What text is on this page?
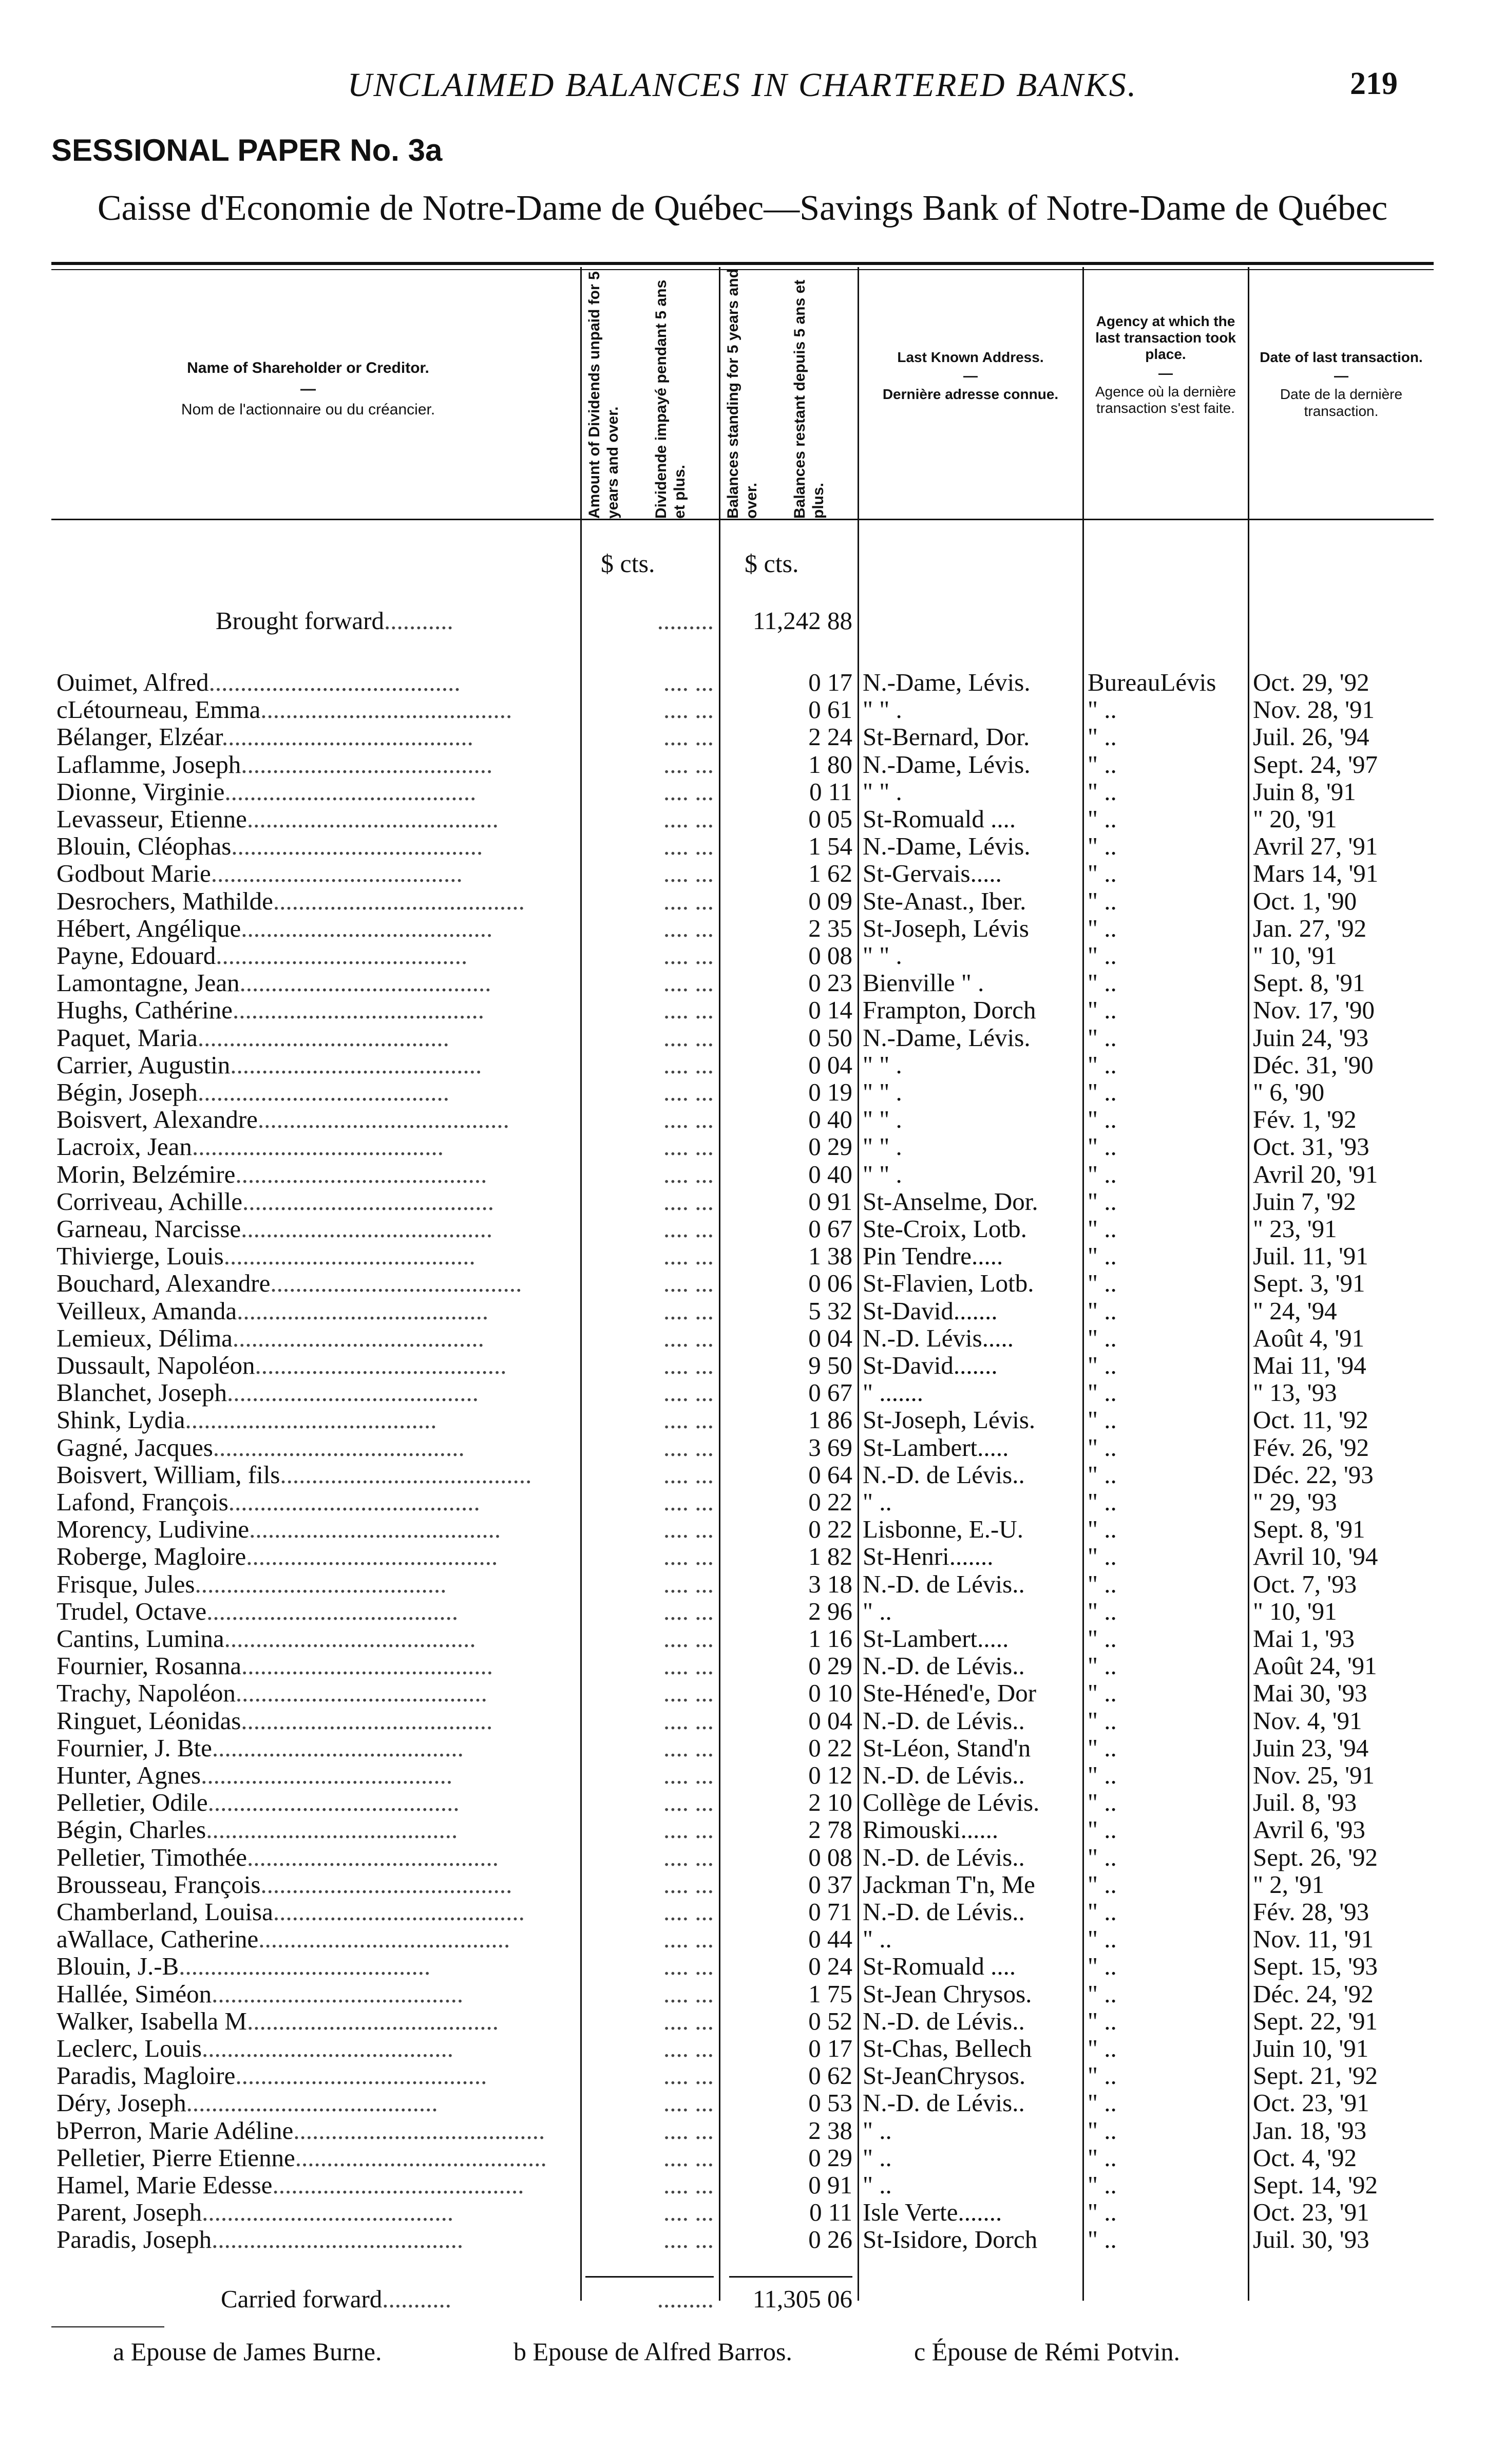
UNCLAIMED BALANCES IN CHARTERED BANKS.	219
SESSIONAL PAPER No. 3a
Caisse d'Economie de Notre-Dame de Québec—Savings Bank of Notre-Dame de Québec
Name of Shareholder or Creditor.
—
Nom de l'actionnaire ou du créancier.	Amount of Dividends unpaid for 5 years and over.	Dividende impayé pendant 5 ans et plus.	Balances standing for 5 years and over.	Balances restant depuis 5 ans et plus.
Last Known Address.
—
Dernière adresse connue.
Agency at which the last transaction took place.
—
Agence où la dernière transaction s'est faite.
Date of last transaction.
—
Date de la dernière transaction.
$ cts.	$ cts.
Brought forward...........	.........	11,242 88
Ouimet, Alfred........................................	.... ...	0 17 N.-Dame, Lévis.	BureauLévis	Oct. 29, '92
cLétourneau, Emma........................................	.... ...	0 61 " " .	" ..	Nov. 28, '91
Bélanger, Elzéar........................................	.... ...	2 24 St-Bernard, Dor.	" ..	Juil. 26, '94
Laflamme, Joseph........................................	.... ...	1 80 N.-Dame, Lévis.	" ..	Sept. 24, '97
Dionne, Virginie........................................	.... ...	0 11 " " .	" ..	Juin 8, '91
Levasseur, Etienne........................................	.... ...	0 05 St-Romuald ....	" ..	" 20, '91
Blouin, Cléophas........................................	.... ...	1 54 N.-Dame, Lévis.	" ..	Avril 27, '91
Godbout Marie........................................	.... ...	1 62 St-Gervais.....	" ..	Mars 14, '91
Desrochers, Mathilde........................................	.... ...	0 09 Ste-Anast., Iber.	" ..	Oct. 1, '90
Hébert, Angélique........................................	.... ...	2 35 St-Joseph, Lévis	" ..	Jan. 27, '92
Payne, Edouard........................................	.... ...	0 08 " " .	" ..	" 10, '91
Lamontagne, Jean........................................	.... ...	0 23 Bienville " .	" ..	Sept. 8, '91
Hughs, Cathérine........................................	.... ...	0 14 Frampton, Dorch	" ..	Nov. 17, '90
Paquet, Maria........................................	.... ...	0 50 N.-Dame, Lévis.	" ..	Juin 24, '93
Carrier, Augustin........................................	.... ...	0 04 " " .	" ..	Déc. 31, '90
Bégin, Joseph........................................	.... ...	0 19 " " .	" ..	" 6, '90
Boisvert, Alexandre........................................	.... ...	0 40 " " .	" ..	Fév. 1, '92
Lacroix, Jean........................................	.... ...	0 29 " " .	" ..	Oct. 31, '93
Morin, Belzémire........................................	.... ...	0 40 " " .	" ..	Avril 20, '91
Corriveau, Achille........................................	.... ...	0 91 St-Anselme, Dor.	" ..	Juin 7, '92
Garneau, Narcisse........................................	.... ...	0 67 Ste-Croix, Lotb.	" ..	" 23, '91
Thivierge, Louis........................................	.... ...	1 38 Pin Tendre.....	" ..	Juil. 11, '91
Bouchard, Alexandre........................................	.... ...	0 06 St-Flavien, Lotb.	" ..	Sept. 3, '91
Veilleux, Amanda........................................	.... ...	5 32 St-David.......	" ..	" 24, '94
Lemieux, Délima........................................	.... ...	0 04 N.-D. Lévis.....	" ..	Août 4, '91
Dussault, Napoléon........................................	.... ...	9 50 St-David.......	" ..	Mai 11, '94
Blanchet, Joseph........................................	.... ...	0 67 " .......	" ..	" 13, '93
Shink, Lydia........................................	.... ...	1 86 St-Joseph, Lévis.	" ..	Oct. 11, '92
Gagné, Jacques........................................	.... ...	3 69 St-Lambert.....	" ..	Fév. 26, '92
Boisvert, William, fils........................................	.... ...	0 64 N.-D. de Lévis..	" ..	Déc. 22, '93
Lafond, François........................................	.... ...	0 22 " ..	" ..	" 29, '93
Morency, Ludivine........................................	.... ...	0 22 Lisbonne, E.-U.	" ..	Sept. 8, '91
Roberge, Magloire........................................	.... ...	1 82 St-Henri.......	" ..	Avril 10, '94
Frisque, Jules........................................	.... ...	3 18 N.-D. de Lévis..	" ..	Oct. 7, '93
Trudel, Octave........................................	.... ...	2 96 " ..	" ..	" 10, '91
Cantins, Lumina........................................	.... ...	1 16 St-Lambert.....	" ..	Mai 1, '93
Fournier, Rosanna........................................	.... ...	0 29 N.-D. de Lévis..	" ..	Août 24, '91
Trachy, Napoléon........................................	.... ...	0 10 Ste-Héned'e, Dor	" ..	Mai 30, '93
Ringuet, Léonidas........................................	.... ...	0 04 N.-D. de Lévis..	" ..	Nov. 4, '91
Fournier, J. Bte........................................	.... ...	0 22 St-Léon, Stand'n	" ..	Juin 23, '94
Hunter, Agnes........................................	.... ...	0 12 N.-D. de Lévis..	" ..	Nov. 25, '91
Pelletier, Odile........................................	.... ...	2 10 Collège de Lévis.	" ..	Juil. 8, '93
Bégin, Charles........................................	.... ...	2 78 Rimouski......	" ..	Avril 6, '93
Pelletier, Timothée........................................	.... ...	0 08 N.-D. de Lévis..	" ..	Sept. 26, '92
Brousseau, François........................................	.... ...	0 37 Jackman T'n, Me	" ..	" 2, '91
Chamberland, Louisa........................................	.... ...	0 71 N.-D. de Lévis..	" ..	Fév. 28, '93
aWallace, Catherine........................................	.... ...	0 44 " ..	" ..	Nov. 11, '91
Blouin, J.-B........................................	.... ...	0 24 St-Romuald ....	" ..	Sept. 15, '93
Hallée, Siméon........................................	.... ...	1 75 St-Jean Chrysos.	" ..	Déc. 24, '92
Walker, Isabella M........................................	.... ...	0 52 N.-D. de Lévis..	" ..	Sept. 22, '91
Leclerc, Louis........................................	.... ...	0 17 St-Chas, Bellech	" ..	Juin 10, '91
Paradis, Magloire........................................	.... ...	0 62 St-JeanChrysos.	" ..	Sept. 21, '92
Déry, Joseph........................................	.... ...	0 53 N.-D. de Lévis..	" ..	Oct. 23, '91
bPerron, Marie Adéline........................................	.... ...	2 38 " ..	" ..	Jan. 18, '93
Pelletier, Pierre Etienne........................................	.... ...	0 29 " ..	" ..	Oct. 4, '92
Hamel, Marie Edesse........................................	.... ...	0 91 " ..	" ..	Sept. 14, '92
Parent, Joseph........................................	.... ...	0 11 Isle Verte.......	" ..	Oct. 23, '91
Paradis, Joseph........................................	.... ...	0 26 St-Isidore, Dorch	" ..	Juil. 30, '93
Carried forward...........	.........	11,305 06
a Epouse de James Burne.	b Epouse de Alfred Barros.	c Épouse de Rémi Potvin.
